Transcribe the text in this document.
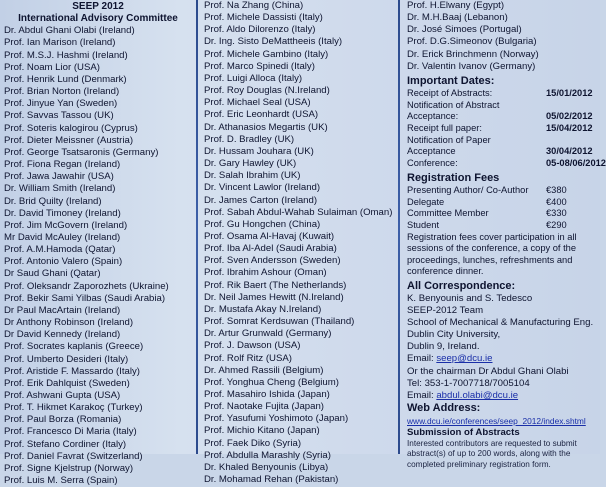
SEEP 2012
International Advisory Committee
Dr. Abdul Ghani Olabi (Ireland)
Prof. Ian Marison (Ireland)
Prof. M.S.J. Hashmi (Ireland)
Prof. Noam Lior (USA)
Prof. Henrik Lund (Denmark)
Prof. Brian Norton (Ireland)
Prof. Jinyue Yan (Sweden)
Prof. Savvas Tassou (UK)
Prof. Soteris kalogirou (Cyprus)
Prof. Dieter Meissner (Austria)
Prof. George Tsatsaronis (Germany)
Prof. Fiona Regan (Ireland)
Prof. Jawa Jawahir (USA)
Dr. William Smith (Ireland)
Dr. Brid Quilty (Ireland)
Dr. David Timoney (Ireland)
Prof. Jim McGovern (Ireland)
Mr David McAuley (Ireland)
Prof. A.M.Hamoda (Qatar)
Prof. Antonio Valero (Spain)
Dr Saud Ghani (Qatar)
Prof. Oleksandr Zaporozhets (Ukraine)
Prof. Bekir Sami Yilbas (Saudi Arabia)
Dr Paul MacArtain (Ireland)
Dr Anthony Robinson (Ireland)
Dr David Kennedy (Ireland)
Prof. Socrates kaplanis (Greece)
Prof. Umberto Desideri (Italy)
Prof. Aristide F. Massardo (Italy)
Prof. Erik Dahlquist (Sweden)
Prof. Ashwani Gupta (USA)
Prof. T. Hikmet Karakoç (Turkey)
Prof. Paul Borza (Romania)
Prof. Francesco Di Maria (Italy)
Prof. Stefano Cordiner (Italy)
Prof. Daniel Favrat (Switzerland)
Prof. Signe Kjelstrup (Norway)
Prof. Luis M. Serra (Spain)
Prof. Na Zhang (China)
Prof. Michele Dassisti (Italy)
Prof. Aldo Dilorenzo (Italy)
Dr. Ing. Sisto DeMattheeis (Italy)
Prof. Michele Gambino (Italy)
Prof. Marco Spinedi (Italy)
Prof. Luigi Alloca (Italy)
Prof. Roy Douglas (N.Ireland)
Prof. Michael Seal (USA)
Prof. Eric Leonhardt (USA)
Dr. Athanasios Megartis (UK)
Prof. D. Bradley (UK)
Dr. Hussam Jouhara (UK)
Dr. Gary Hawley (UK)
Dr. Salah Ibrahim (UK)
Dr. Vincent Lawlor (Ireland)
Dr. James Carton (Ireland)
Prof. Sabah Abdul-Wahab Sulaiman (Oman)
Prof. Gu Hongchen (China)
Prof. Osama Al-Havaj (Kuwait)
Prof. Iba Al-Adel (Saudi Arabia)
Prof. Sven Andersson (Sweden)
Prof. Ibrahim Ashour (Oman)
Prof. Rik Baert (The Netherlands)
Dr. Neil James Hewitt (N.Ireland)
Dr. Mustafa Akay N.Ireland)
Prof. Somrat Kerdsuwan (Thailand)
Dr. Artur Grunwald (Germany)
Prof. J. Dawson (USA)
Prof. Rolf Ritz (USA)
Dr. Ahmed Rassili (Belgium)
Prof. Yonghua Cheng (Belgium)
Prof. Masahiro Ishida (Japan)
Prof. Naotake Fujita (Japan)
Prof. Yasufumi Yoshimoto (Japan)
Prof. Michio Kitano (Japan)
Prof. Faek Diko (Syria)
Prof. Abdulla Marashly (Syria)
Dr. Khaled Benyounis (Libya)
Dr. Mohamad Rehan (Pakistan)
Prof. H.Elwany (Egypt)
Dr. M.H.Baaj (Lebanon)
Dr. José Simoes (Portugal)
Prof. D.G.Simeonov (Bulgaria)
Dr. Erick Brinchmenn (Norway)
Dr. Valentin Ivanov (Germany)
Important Dates:
Receipt of Abstracts:	15/01/2012
Notification of Abstract
Acceptance:	05/02/2012
Receipt full paper:	15/04/2012
Notification of Paper
Acceptance	30/04/2012
Conference:	05-08/06/2012
Registration Fees
Presenting Author/ Co-Author	€380
Delegate	€400
Committee Member	€330
Student	€290
Registration fees cover participation in all sessions of the conference, a copy of the proceedings, lunches, refreshments and conference dinner.
All Correspondence:
K. Benyounis and S. Tedesco
SEEP-2012 Team
School of Mechanical & Manufacturing Eng.
Dublin City University,
Dublin 9, Ireland.
Email: seep@dcu.ie
Or the chairman Dr Abdul Ghani Olabi
Tel: 353-1-7007718/7005104
Email: abdul.olabi@dcu.ie
Web Address:
www.dcu.ie/conferences/seep_2012/index.shtml
Submission of Abstracts
Interested contributors are requested to submit abstract(s) of up to 200 words, along with the completed preliminary registration form.
